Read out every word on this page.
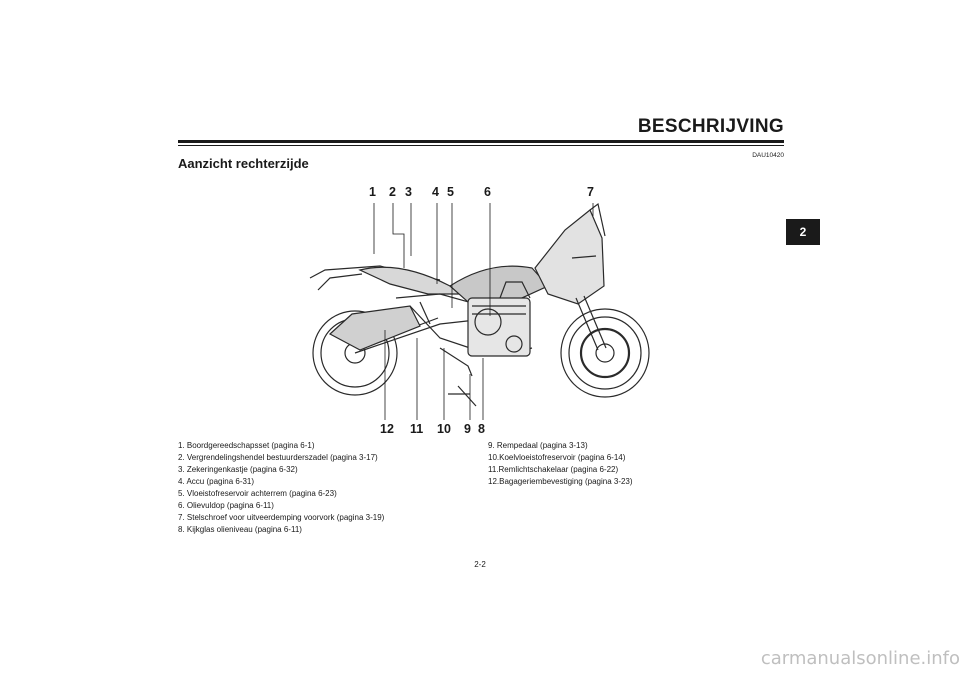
BESCHRIJVING
DAU10420
Aanzicht rechterzijde
2
1 2 3 4 5 6	7
12 11 10 9 8
1. Boordgereedschapsset (pagina 6-1)
2. Vergrendelingshendel bestuurderszadel (pagina 3-17)
3. Zekeringenkastje (pagina 6-32)
4. Accu (pagina 6-31)
5. Vloeistofreservoir achterrem (pagina 6-23)
6. Olievuldop (pagina 6-11)
7. Stelschroef voor uitveerdemping voorvork (pagina 3-19)
8. Kijkglas olieniveau (pagina 6-11)
9. Rempedaal (pagina 3-13)
10.Koelvloeistofreservoir (pagina 6-14)
11.Remlichtschakelaar (pagina 6-22)
12.Bagageriembevestiging (pagina 3-23)
2-2
carmanualsonline.info
